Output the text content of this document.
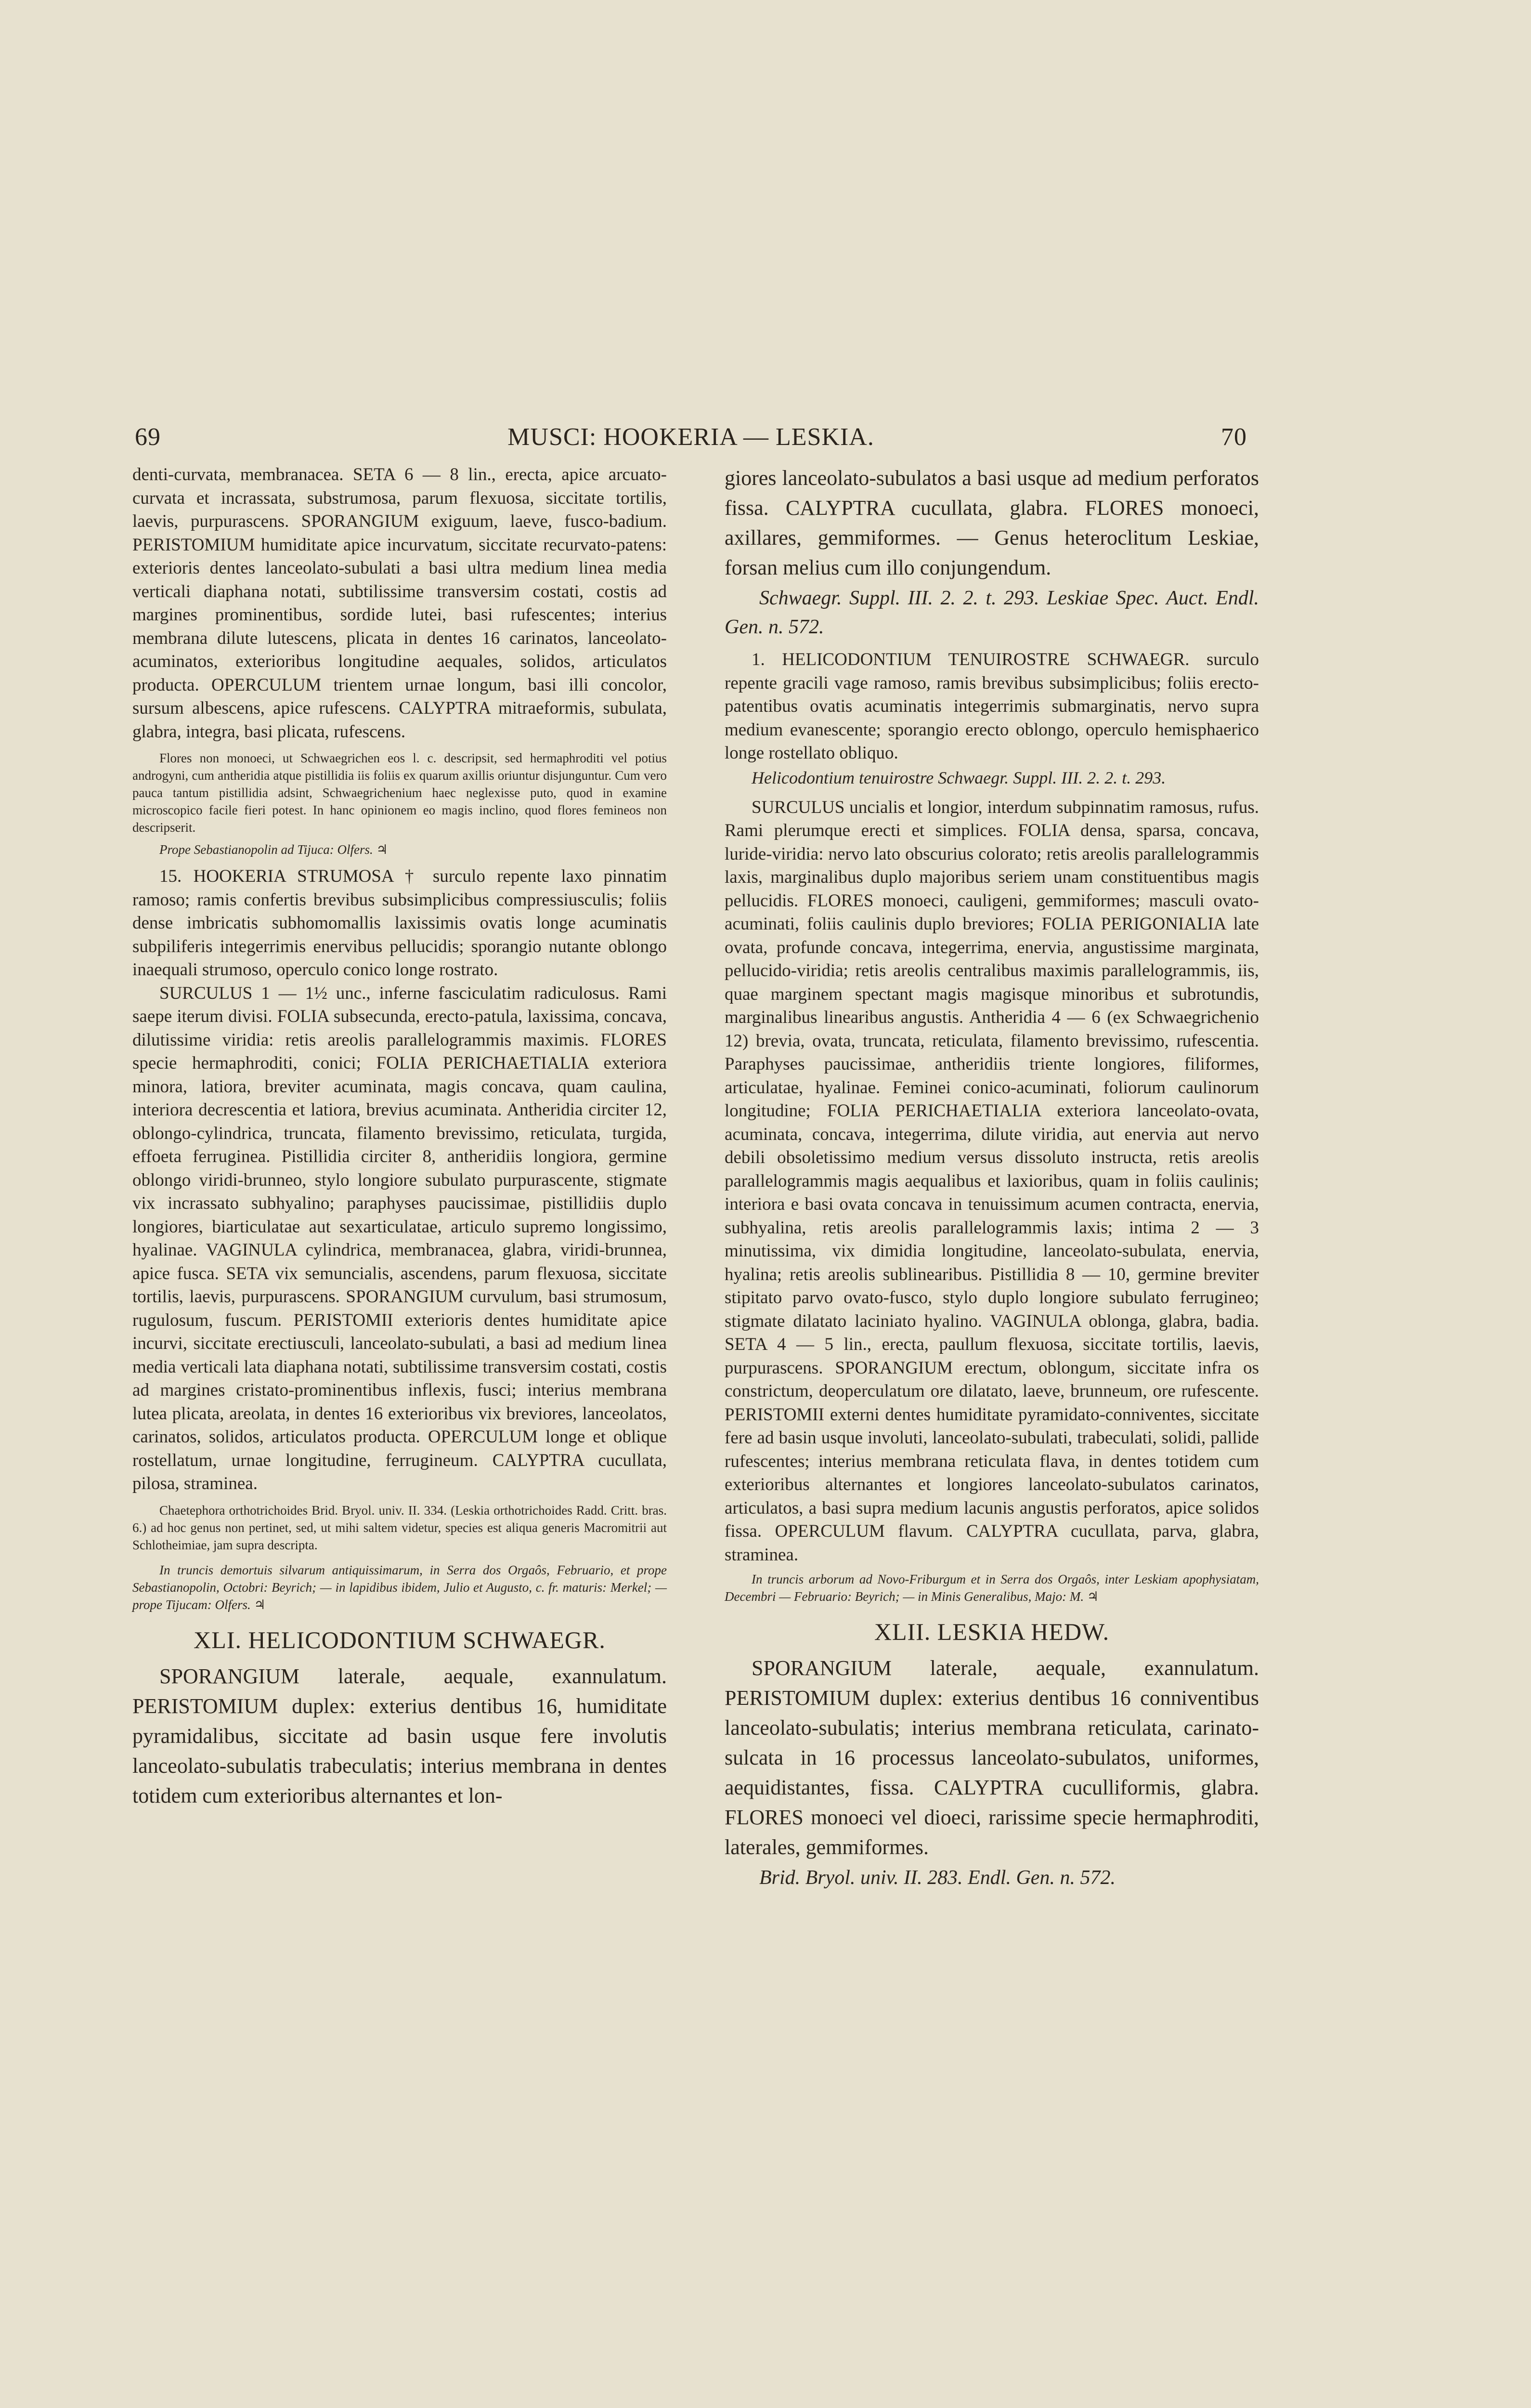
69	MUSCI: HOOKERIA — LESKIA.	70

denti-curvata, membranacea. SETA 6 — 8 lin., erecta, apice arcuato-curvata et incrassata, substrumosa, parum flexuosa, siccitate tortilis, laevis, purpurascens. SPORANGIUM exiguum, laeve, fusco-badium. PERISTOMIUM humiditate apice incurvatum, siccitate recurvato-patens: exterioris dentes lanceolato-subulati a basi ultra medium linea media verticali diaphana notati, subtilissime transversim costati, costis ad margines prominentibus, sordide lutei, basi rufescentes; interius membrana dilute lutescens, plicata in dentes 16 carinatos, lanceolato-acuminatos, exterioribus longitudine aequales, solidos, articulatos producta. OPERCULUM trientem urnae longum, basi illi concolor, sursum albescens, apice rufescens. CALYPTRA mitraeformis, subulata, glabra, integra, basi plicata, rufescens.

Flores non monoeci, ut Schwaegrichen eos l. c. descripsit, sed hermaphroditi vel potius androgyni, cum antheridia atque pistillidia iis foliis ex quarum axillis oriuntur disjunguntur. Cum vero pauca tantum pistillidia adsint, Schwaegrichenium haec neglexisse puto, quod in examine microscopico facile fieri potest. In hanc opinionem eo magis inclino, quod flores femineos non descripserit.

Prope Sebastianopolin ad Tijuca: Olfers. ♃

15. HOOKERIA STRUMOSA † surculo repente laxo pinnatim ramoso; ramis confertis brevibus subsimplicibus compressiusculis; foliis dense imbricatis subhomomallis laxissimis ovatis longe acuminatis subpiliferis integerrimis enervibus pellucidis; sporangio nutante oblongo inaequali strumoso, operculo conico longe rostrato.

SURCULUS 1 — 1½ unc., inferne fasciculatim radiculosus. Rami saepe iterum divisi. FOLIA subsecunda, erecto-patula, laxissima, concava, dilutissime viridia: retis areolis parallelogrammis maximis. FLORES specie hermaphroditi, conici; FOLIA PERICHAETIALIA exteriora minora, latiora, breviter acuminata, magis concava, quam caulina, interiora decrescentia et latiora, brevius acuminata. Antheridia circiter 12, oblongo-cylindrica, truncata, filamento brevissimo, reticulata, turgida, effoeta ferruginea. Pistillidia circiter 8, antheridiis longiora, germine oblongo viridi-brunneo, stylo longiore subulato purpurascente, stigmate vix incrassato subhyalino; paraphyses paucissimae, pistillidiis duplo longiores, biarticulatae aut sexarticulatae, articulo supremo longissimo, hyalinae. VAGINULA cylindrica, membranacea, glabra, viridi-brunnea, apice fusca. SETA vix semuncialis, ascendens, parum flexuosa, siccitate tortilis, laevis, purpurascens. SPORANGIUM curvulum, basi strumosum, rugulosum, fuscum. PERISTOMII exterioris dentes humiditate apice incurvi, siccitate erectiusculi, lanceolato-subulati, a basi ad medium linea media verticali lata diaphana notati, subtilissime transversim costati, costis ad margines cristato-prominentibus inflexis, fusci; interius membrana lutea plicata, areolata, in dentes 16 exterioribus vix breviores, lanceolatos, carinatos, solidos, articulatos producta. OPERCULUM longe et oblique rostellatum, urnae longitudine, ferrugineum. CALYPTRA cucullata, pilosa, straminea.

Chaetephora orthotrichoides Brid. Bryol. univ. II. 334. (Leskia orthotrichoides Radd. Critt. bras. 6.) ad hoc genus non pertinet, sed, ut mihi saltem videtur, species est aliqua generis Macromitrii aut Schlotheimiae, jam supra descripta.

In truncis demortuis silvarum antiquissimarum, in Serra dos Orgaôs, Februario, et prope Sebastianopolin, Octobri: Beyrich; — in lapidibus ibidem, Julio et Augusto, c. fr. maturis: Merkel; — prope Tijucam: Olfers. ♃

XLI. HELICODONTIUM SCHWAEGR.

SPORANGIUM laterale, aequale, exannulatum. PERISTOMIUM duplex: exterius dentibus 16, humiditate pyramidalibus, siccitate ad basin usque fere involutis lanceolato-subulatis trabeculatis; interius membrana in dentes totidem cum exterioribus alternantes et lon-

giores lanceolato-subulatos a basi usque ad medium perforatos fissa. CALYPTRA cucullata, glabra. FLORES monoeci, axillares, gemmiformes. — Genus heteroclitum Leskiae, forsan melius cum illo conjungendum.

Schwaegr. Suppl. III. 2. 2. t. 293. Leskiae Spec. Auct. Endl. Gen. n. 572.

1. HELICODONTIUM TENUIROSTRE SCHWAEGR. surculo repente gracili vage ramoso, ramis brevibus subsimplicibus; foliis erecto-patentibus ovatis acuminatis integerrimis submarginatis, nervo supra medium evanescente; sporangio erecto oblongo, operculo hemisphaerico longe rostellato obliquo.

Helicodontium tenuirostre Schwaegr. Suppl. III. 2. 2. t. 293.

SURCULUS uncialis et longior, interdum subpinnatim ramosus, rufus. Rami plerumque erecti et simplices. FOLIA densa, sparsa, concava, luride-viridia: nervo lato obscurius colorato; retis areolis parallelogrammis laxis, marginalibus duplo majoribus seriem unam constituentibus magis pellucidis. FLORES monoeci, cauligeni, gemmiformes; masculi ovato-acuminati, foliis caulinis duplo breviores; FOLIA PERIGONIALIA late ovata, profunde concava, integerrima, enervia, angustissime marginata, pellucido-viridia; retis areolis centralibus maximis parallelogrammis, iis, quae marginem spectant magis magisque minoribus et subrotundis, marginalibus linearibus angustis. Antheridia 4 — 6 (ex Schwaegrichenio 12) brevia, ovata, truncata, reticulata, filamento brevissimo, rufescentia. Paraphyses paucissimae, antheridiis triente longiores, filiformes, articulatae, hyalinae. Feminei conico-acuminati, foliorum caulinorum longitudine; FOLIA PERICHAETIALIA exteriora lanceolato-ovata, acuminata, concava, integerrima, dilute viridia, aut enervia aut nervo debili obsoletissimo medium versus dissoluto instructa, retis areolis parallelogrammis magis aequalibus et laxioribus, quam in foliis caulinis; interiora e basi ovata concava in tenuissimum acumen contracta, enervia, subhyalina, retis areolis parallelogrammis laxis; intima 2 — 3 minutissima, vix dimidia longitudine, lanceolato-subulata, enervia, hyalina; retis areolis sublinearibus. Pistillidia 8 — 10, germine breviter stipitato parvo ovato-fusco, stylo duplo longiore subulato ferrugineo; stigmate dilatato laciniato hyalino. VAGINULA oblonga, glabra, badia. SETA 4 — 5 lin., erecta, paullum flexuosa, siccitate tortilis, laevis, purpurascens. SPORANGIUM erectum, oblongum, siccitate infra os constrictum, deoperculatum ore dilatato, laeve, brunneum, ore rufescente. PERISTOMII externi dentes humiditate pyramidato-conniventes, siccitate fere ad basin usque involuti, lanceolato-subulati, trabeculati, solidi, pallide rufescentes; interius membrana reticulata flava, in dentes totidem cum exterioribus alternantes et longiores lanceolato-subulatos carinatos, articulatos, a basi supra medium lacunis angustis perforatos, apice solidos fissa. OPERCULUM flavum. CALYPTRA cucullata, parva, glabra, straminea.

In truncis arborum ad Novo-Friburgum et in Serra dos Orgaôs, inter Leskiam apophysiatam, Decembri — Februario: Beyrich; — in Minis Generalibus, Majo: M. ♃

XLII. LESKIA HEDW.

SPORANGIUM laterale, aequale, exannulatum. PERISTOMIUM duplex: exterius dentibus 16 conniventibus lanceolato-subulatis; interius membrana reticulata, carinato-sulcata in 16 processus lanceolato-subulatos, uniformes, aequidistantes, fissa. CALYPTRA cuculliformis, glabra. FLORES monoeci vel dioeci, rarissime specie hermaphroditi, laterales, gemmiformes.

Brid. Bryol. univ. II. 283. Endl. Gen. n. 572.
